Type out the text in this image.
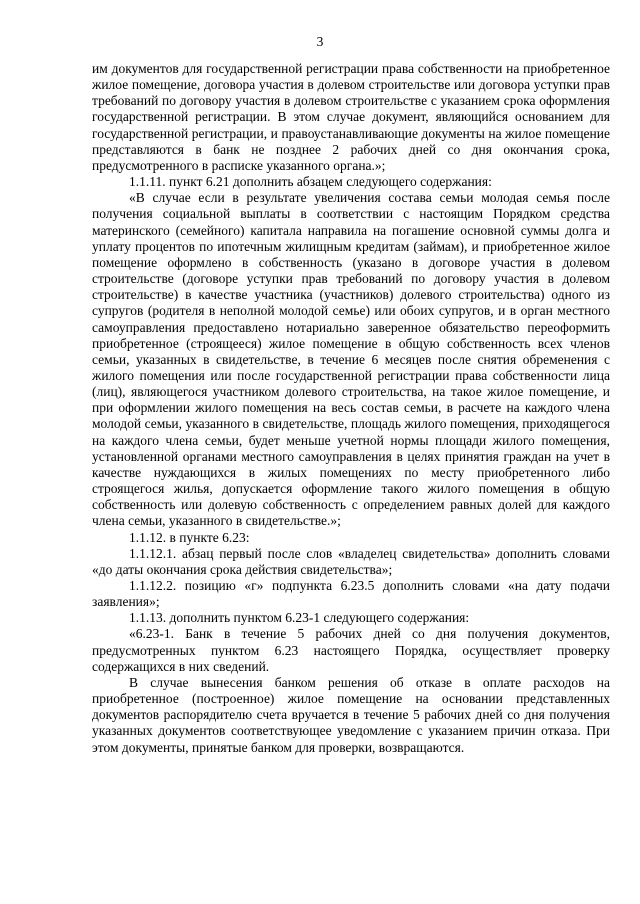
3

им документов для государственной регистрации права собственности на приобретенное жилое помещение, договора участия в долевом строительстве или договора уступки прав требований по договору участия в долевом строительстве с указанием срока оформления государственной регистрации. В этом случае документ, являющийся основанием для государственной регистрации, и правоустанавливающие документы на жилое помещение представляются в банк не позднее 2 рабочих дней со дня окончания срока, предусмотренного в расписке указанного органа.»;

1.1.11. пункт 6.21 дополнить абзацем следующего содержания:

«В случае если в результате увеличения состава семьи молодая семья после получения социальной выплаты в соответствии с настоящим Порядком средства материнского (семейного) капитала направила на погашение основной суммы долга и уплату процентов по ипотечным жилищным кредитам (займам), и приобретенное жилое помещение оформлено в собственность (указано в договоре участия в долевом строительстве (договоре уступки прав требований по договору участия в долевом строительстве) в качестве участника (участников) долевого строительства) одного из супругов (родителя в неполной молодой семье) или обоих супругов, и в орган местного самоуправления предоставлено нотариально заверенное обязательство переоформить приобретенное (строящееся) жилое помещение в общую собственность всех членов семьи, указанных в свидетельстве, в течение 6 месяцев после снятия обременения с жилого помещения или после государственной регистрации права собственности лица (лиц), являющегося участником долевого строительства, на такое жилое помещение, и при оформлении жилого помещения на весь состав семьи, в расчете на каждого члена молодой семьи, указанного в свидетельстве, площадь жилого помещения, приходящегося на каждого члена семьи, будет меньше учетной нормы площади жилого помещения, установленной органами местного самоуправления в целях принятия граждан на учет в качестве нуждающихся в жилых помещениях по месту приобретенного либо строящегося жилья, допускается оформление такого жилого помещения в общую собственность или долевую собственность с определением равных долей для каждого члена семьи, указанного в свидетельстве.»;

1.1.12. в пункте 6.23:

1.1.12.1. абзац первый после слов «владелец свидетельства» дополнить словами «до даты окончания срока действия свидетельства»;

1.1.12.2. позицию «г» подпункта 6.23.5 дополнить словами «на дату подачи заявления»;

1.1.13. дополнить пунктом 6.23-1 следующего содержания:

«6.23-1. Банк в течение 5 рабочих дней со дня получения документов, предусмотренных пунктом 6.23 настоящего Порядка, осуществляет проверку содержащихся в них сведений.

В случае вынесения банком решения об отказе в оплате расходов на приобретенное (построенное) жилое помещение на основании представленных документов распорядителю счета вручается в течение 5 рабочих дней со дня получения указанных документов соответствующее уведомление с указанием причин отказа. При этом документы, принятые банком для проверки, возвращаются.
